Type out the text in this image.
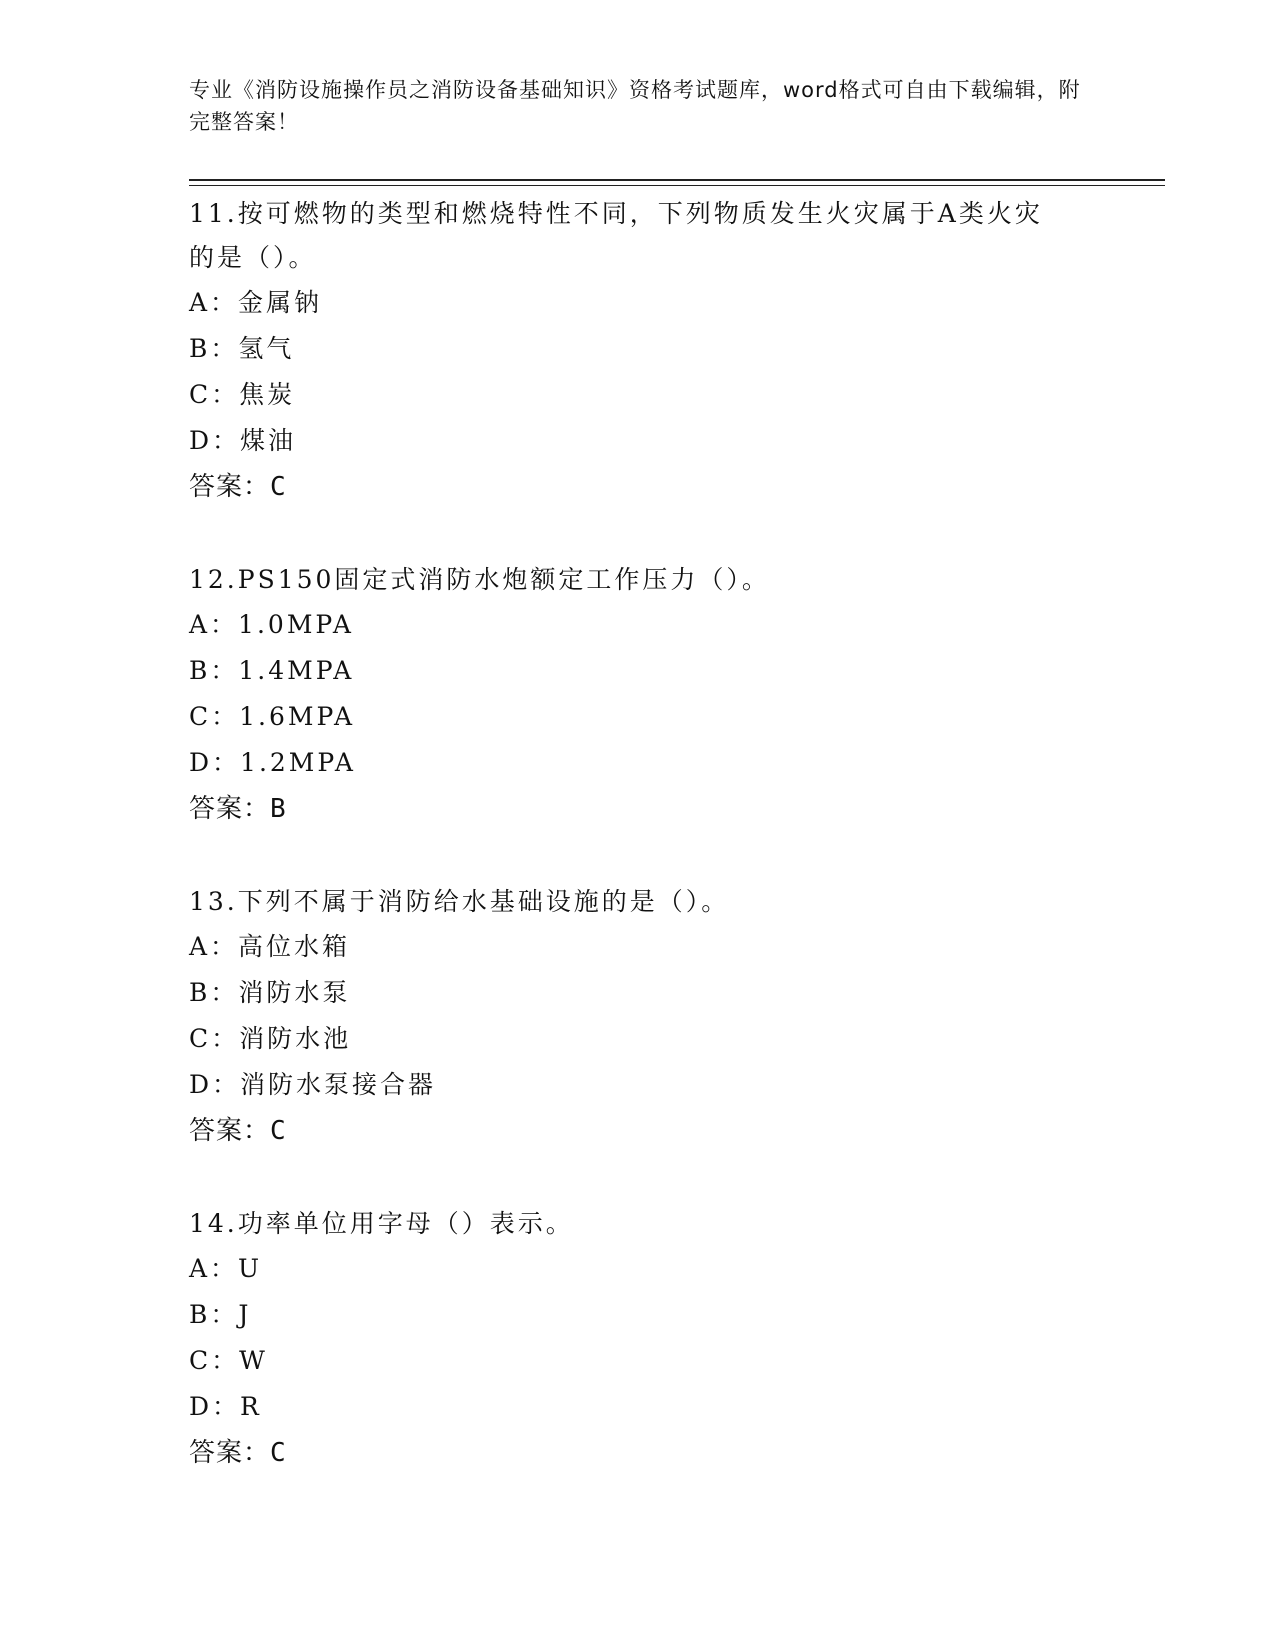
专业《消防设施操作员之消防设备基础知识》资格考试题库，word格式可自由下载编辑，附完整答案！

11.按可燃物的类型和燃烧特性不同，下列物质发生火灾属于A类火灾的是（）。

A：金属钠
B：氢气
C：焦炭
D：煤油
答案：C

12.PS150固定式消防水炮额定工作压力（）。

A：1.0MPA
B：1.4MPA
C：1.6MPA
D：1.2MPA
答案：B

13.下列不属于消防给水基础设施的是（）。

A：高位水箱
B：消防水泵
C：消防水池
D：消防水泵接合器
答案：C

14.功率单位用字母（）表示。

A：U
B：J
C：W
D：R
答案：C
